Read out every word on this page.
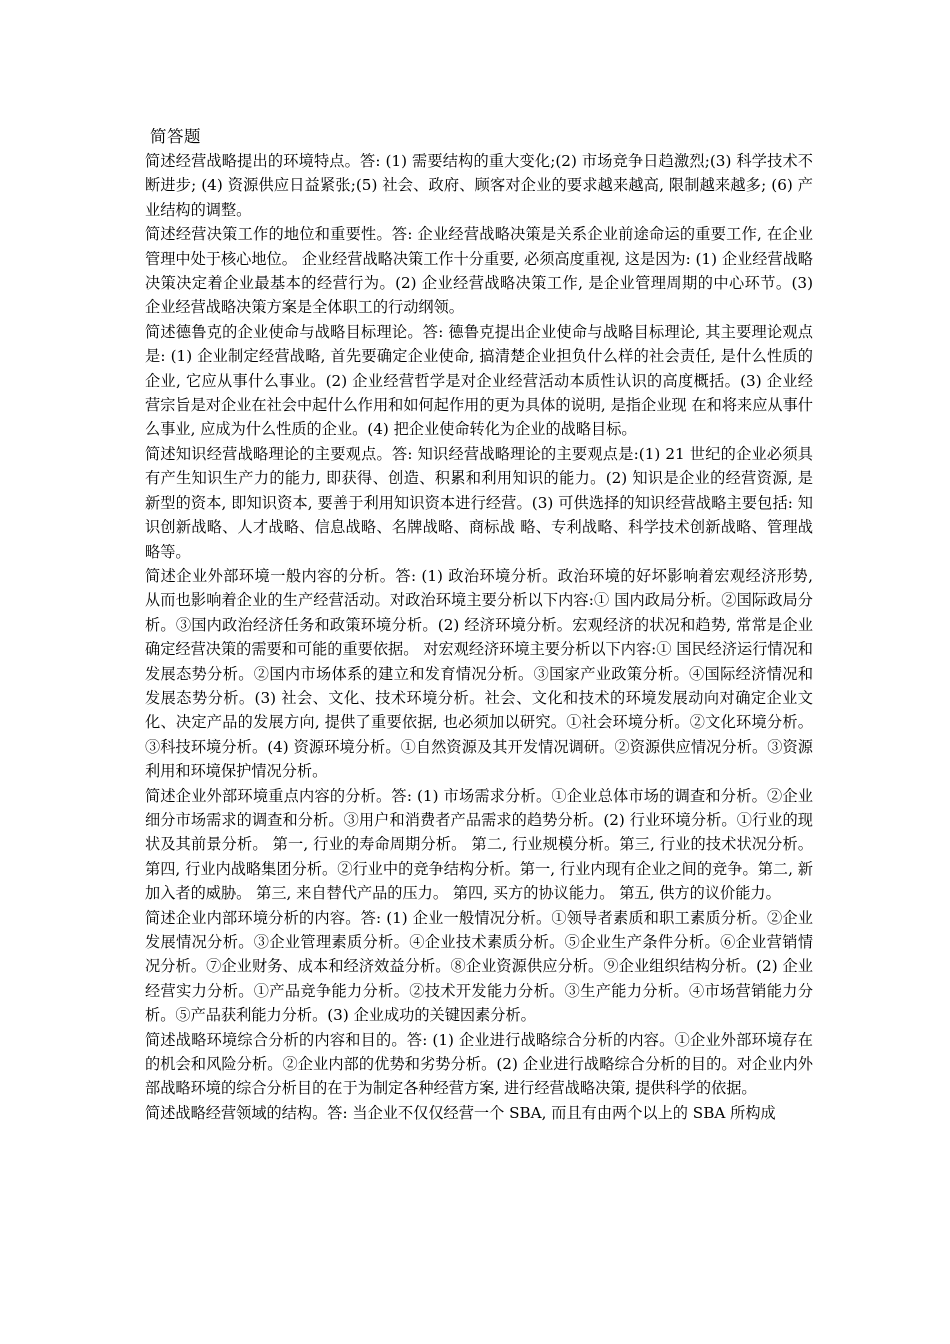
简答题

简述经营战略提出的环境特点。答: (1) 需要结构的重大变化;(2) 市场竞争日趋激烈;(3) 科学技术不断进步; (4) 资源供应日益紧张;(5) 社会、政府、顾客对企业的要求越来越高, 限制越来越多; (6) 产业结构的调整。

简述经营决策工作的地位和重要性。答: 企业经营战略决策是关系企业前途命运的重要工作, 在企业管理中处于核心地位。 企业经营战略决策工作十分重要, 必须高度重视, 这是因为: (1) 企业经营战略决策决定着企业最基本的经营行为。(2) 企业经营战略决策工作, 是企业管理周期的中心环节。(3) 企业经营战略决策方案是全体职工的行动纲领。

简述德鲁克的企业使命与战略目标理论。答: 德鲁克提出企业使命与战略目标理论, 其主要理论观点是: (1) 企业制定经营战略, 首先要确定企业使命, 搞清楚企业担负什么样的社会责任, 是什么性质的企业, 它应从事什么事业。(2) 企业经营哲学是对企业经营活动本质性认识的高度概括。(3) 企业经营宗旨是对企业在社会中起什么作用和如何起作用的更为具体的说明, 是指企业现 在和将来应从事什么事业, 应成为什么性质的企业。(4) 把企业使命转化为企业的战略目标。

简述知识经营战略理论的主要观点。答: 知识经营战略理论的主要观点是:(1) 21 世纪的企业必须具有产生知识生产力的能力, 即获得、创造、积累和利用知识的能力。(2) 知识是企业的经营资源, 是新型的资本, 即知识资本, 要善于利用知识资本进行经营。(3) 可供选择的知识经营战略主要包括: 知识创新战略、人才战略、信息战略、名牌战略、商标战 略、专利战略、科学技术创新战略、管理战略等。

简述企业外部环境一般内容的分析。答: (1) 政治环境分析。政治环境的好坏影响着宏观经济形势, 从而也影响着企业的生产经营活动。对政治环境主要分析以下内容:① 国内政局分析。②国际政局分析。③国内政治经济任务和政策环境分析。(2) 经济环境分析。宏观经济的状况和趋势, 常常是企业确定经营决策的需要和可能的重要依据。 对宏观经济环境主要分析以下内容:① 国民经济运行情况和发展态势分析。②国内市场体系的建立和发育情况分析。③国家产业政策分析。④国际经济情况和发展态势分析。(3) 社会、文化、技术环境分析。社会、文化和技术的环境发展动向对确定企业文化、决定产品的发展方向, 提供了重要依据, 也必须加以研究。①社会环境分析。②文化环境分析。③科技环境分析。(4) 资源环境分析。①自然资源及其开发情况调研。②资源供应情况分析。③资源利用和环境保护情况分析。

简述企业外部环境重点内容的分析。答: (1) 市场需求分析。①企业总体市场的调查和分析。②企业细分市场需求的调查和分析。③用户和消费者产品需求的趋势分析。(2) 行业环境分析。①行业的现状及其前景分析。 第一, 行业的寿命周期分析。 第二, 行业规模分析。第三, 行业的技术状况分析。第四, 行业内战略集团分析。②行业中的竞争结构分析。第一, 行业内现有企业之间的竞争。第二, 新加入者的威胁。 第三, 来自替代产品的压力。 第四, 买方的协议能力。 第五, 供方的议价能力。

简述企业内部环境分析的内容。答: (1) 企业一般情况分析。①领导者素质和职工素质分析。②企业发展情况分析。③企业管理素质分析。④企业技术素质分析。⑤企业生产条件分析。⑥企业营销情况分析。⑦企业财务、成本和经济效益分析。⑧企业资源供应分析。⑨企业组织结构分析。(2) 企业经营实力分析。①产品竞争能力分析。②技术开发能力分析。③生产能力分析。④市场营销能力分析。⑤产品获利能力分析。(3) 企业成功的关键因素分析。

简述战略环境综合分析的内容和目的。答: (1) 企业进行战略综合分析的内容。①企业外部环境存在的机会和风险分析。②企业内部的优势和劣势分析。(2) 企业进行战略综合分析的目的。对企业内外部战略环境的综合分析目的在于为制定各种经营方案, 进行经营战略决策, 提供科学的依据。

简述战略经营领域的结构。答: 当企业不仅仅经营一个 SBA, 而且有由两个以上的 SBA 所构成
